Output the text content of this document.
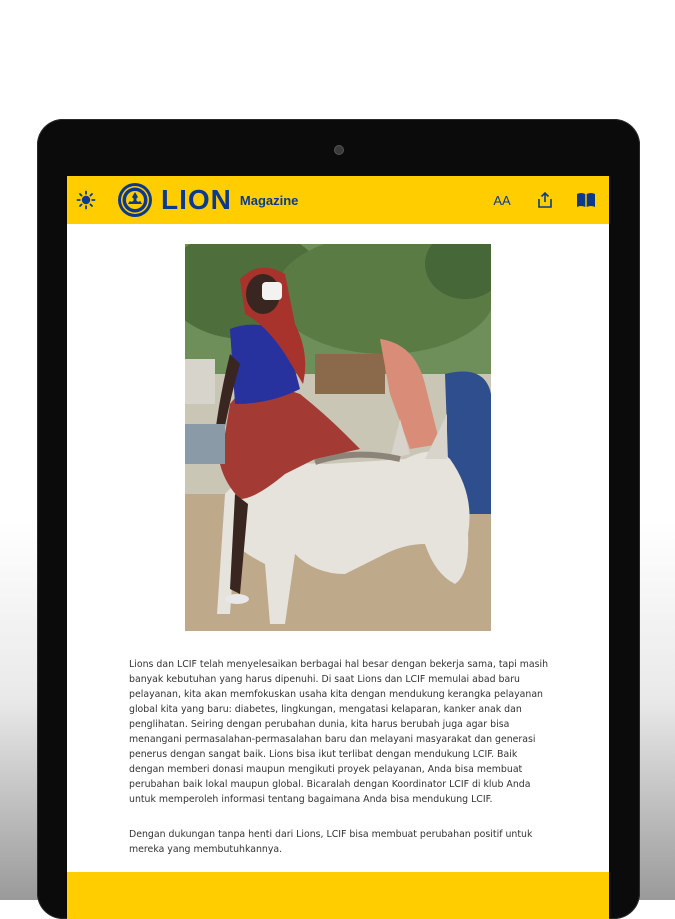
LION Magazine	AA

Lions dan LCIF telah menyelesaikan berbagai hal besar dengan bekerja sama, tapi masih banyak kebutuhan yang harus dipenuhi. Di saat Lions dan LCIF memulai abad baru pelayanan, kita akan memfokuskan usaha kita dengan mendukung kerangka pelayanan global kita yang baru: diabetes, lingkungan, mengatasi kelaparan, kanker anak dan penglihatan. Seiring dengan perubahan dunia, kita harus berubah juga agar bisa menangani permasalahan-permasalahan baru dan melayani masyarakat dan generasi penerus dengan sangat baik. Lions bisa ikut terlibat dengan mendukung LCIF. Baik dengan memberi donasi maupun mengikuti proyek pelayanan, Anda bisa membuat perubahan baik lokal maupun global. Bicaralah dengan Koordinator LCIF di klub Anda untuk memperoleh informasi tentang bagaimana Anda bisa mendukung LCIF.

Dengan dukungan tanpa henti dari Lions, LCIF bisa membuat perubahan positif untuk mereka yang membutuhkannya.
